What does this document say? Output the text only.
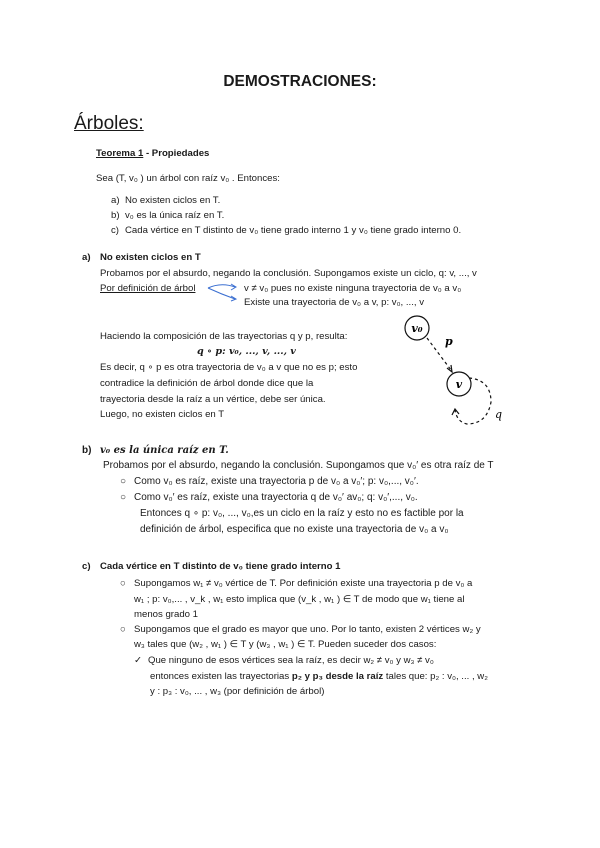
DEMOSTRACIONES:
Árboles:
Teorema 1 - Propiedades
Sea (T, v₀ ) un árbol con raíz v₀ . Entonces:
a) No existen ciclos en T.
b) v₀ es la única raíz en T.
c) Cada vértice en T distinto de v₀ tiene grado interno 1 y v₀ tiene grado interno 0.
a) No existen ciclos en T
Probamos por el absurdo, negando la conclusión. Supongamos existe un ciclo, q: v, ..., v
Por definición de árbol	v ≠ v₀ pues no existe ninguna trayectoria de v₀ a v₀
Existe una trayectoria de v₀ a v, p: v₀, ..., v
Haciendo la composición de las trayectorias q y p, resulta:
q ∘ p: v₀, ..., v, ..., v
Es decir, q ∘ p es otra trayectoria de v₀ a v que no es p; esto
contradice la definición de árbol donde dice que la
trayectoria desde la raíz a un vértice, debe ser única.
Luego, no existen ciclos en T
v₀
p
v
q
b) v₀ es la única raíz en T.
Probamos por el absurdo, negando la conclusión. Supongamos que v₀′ es otra raíz de T
○ Como v₀ es raíz, existe una trayectoria p de v₀ a v₀′; p: v₀,..., v₀′.
○ Como v₀′ es raíz, existe una trayectoria q de v₀′ av₀; q: v₀′,..., v₀.
Entonces q ∘ p: v₀, ..., v₀,es un ciclo en la raíz y esto no es factible por la
definición de árbol, especifica que no existe una trayectoria de v₀ a v₀
c) Cada vértice en T distinto de v₀ tiene grado interno 1
○ Supongamos w₁ ≠ v₀ vértice de T. Por definición existe una trayectoria p de v₀ a
w₁ ; p: v₀,... , v_k , w₁ esto implica que (v_k , w₁ ) ∈ T de modo que w₁ tiene al
menos grado 1
○ Supongamos que el grado es mayor que uno. Por lo tanto, existen 2 vértices w₂ y
w₃ tales que (w₂ , w₁ ) ∈ T y (w₃ , w₁ ) ∈ T. Pueden suceder dos casos:
✓ Que ninguno de esos vértices sea la raíz, es decir w₂ ≠ v₀ y w₃ ≠ v₀
entonces existen las trayectorias p₂ y p₃ desde la raíz tales que: p₂ : v₀, ... , w₂
y : p₃ : v₀, ... , w₃ (por definición de árbol)
